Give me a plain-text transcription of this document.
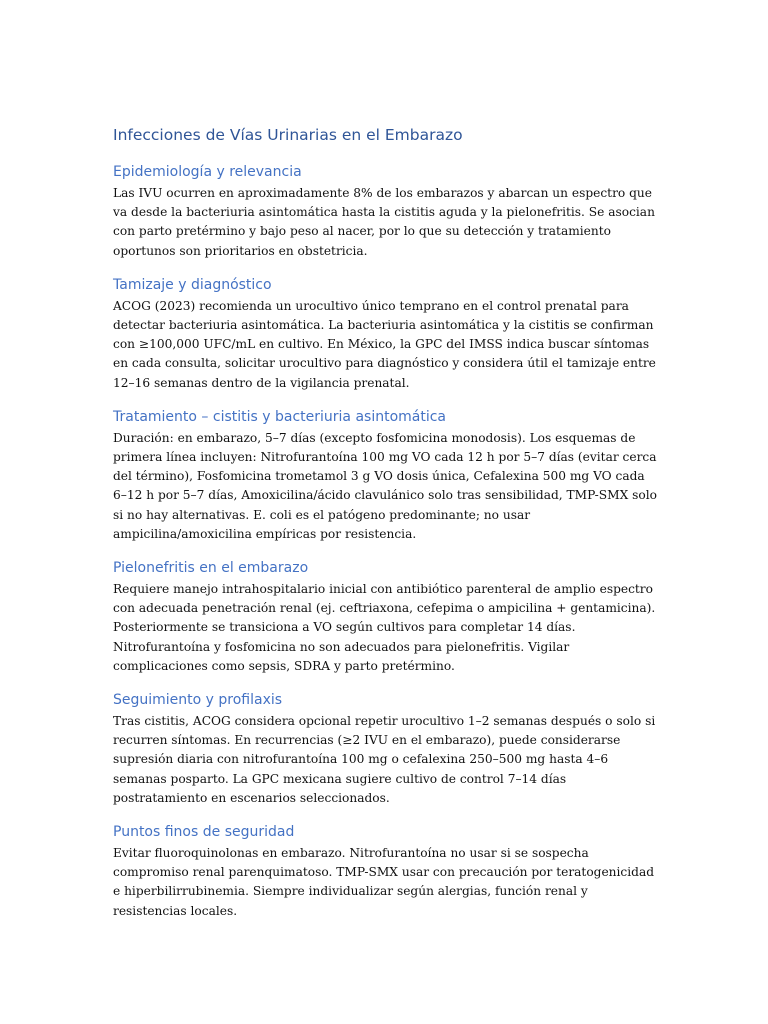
Infecciones de Vías Urinarias en el Embarazo
Epidemiología y relevancia

Las IVU ocurren en aproximadamente 8% de los embarazos y abarcan un espectro que va desde la bacteriuria asintomática hasta la cistitis aguda y la pielonefritis. Se asocian con parto pretérmino y bajo peso al nacer, por lo que su detección y tratamiento oportunos son prioritarios en obstetricia.

Tamizaje y diagnóstico

ACOG (2023) recomienda un urocultivo único temprano en el control prenatal para detectar bacteriuria asintomática. La bacteriuria asintomática y la cistitis se confirman con ≥100,000 UFC/mL en cultivo. En México, la GPC del IMSS indica buscar síntomas en cada consulta, solicitar urocultivo para diagnóstico y considera útil el tamizaje entre 12–16 semanas dentro de la vigilancia prenatal.

Tratamiento – cistitis y bacteriuria asintomática

Duración: en embarazo, 5–7 días (excepto fosfomicina monodosis). Los esquemas de primera línea incluyen: Nitrofurantoína 100 mg VO cada 12 h por 5–7 días (evitar cerca del término), Fosfomicina trometamol 3 g VO dosis única, Cefalexina 500 mg VO cada 6–12 h por 5–7 días, Amoxicilina/ácido clavulánico solo tras sensibilidad, TMP-SMX solo si no hay alternativas. E. coli es el patógeno predominante; no usar ampicilina/amoxicilina empíricas por resistencia.

Pielonefritis en el embarazo

Requiere manejo intrahospitalario inicial con antibiótico parenteral de amplio espectro con adecuada penetración renal (ej. ceftriaxona, cefepima o ampicilina + gentamicina). Posteriormente se transiciona a VO según cultivos para completar 14 días. Nitrofurantoína y fosfomicina no son adecuados para pielonefritis. Vigilar complicaciones como sepsis, SDRA y parto pretérmino.

Seguimiento y profilaxis

Tras cistitis, ACOG considera opcional repetir urocultivo 1–2 semanas después o solo si recurren síntomas. En recurrencias (≥2 IVU en el embarazo), puede considerarse supresión diaria con nitrofurantoína 100 mg o cefalexina 250–500 mg hasta 4–6 semanas posparto. La GPC mexicana sugiere cultivo de control 7–14 días postratamiento en escenarios seleccionados.

Puntos finos de seguridad

Evitar fluoroquinolonas en embarazo. Nitrofurantoína no usar si se sospecha compromiso renal parenquimatoso. TMP-SMX usar con precaución por teratogenicidad e hiperbilirrubinemia. Siempre individualizar según alergias, función renal y resistencias locales.
